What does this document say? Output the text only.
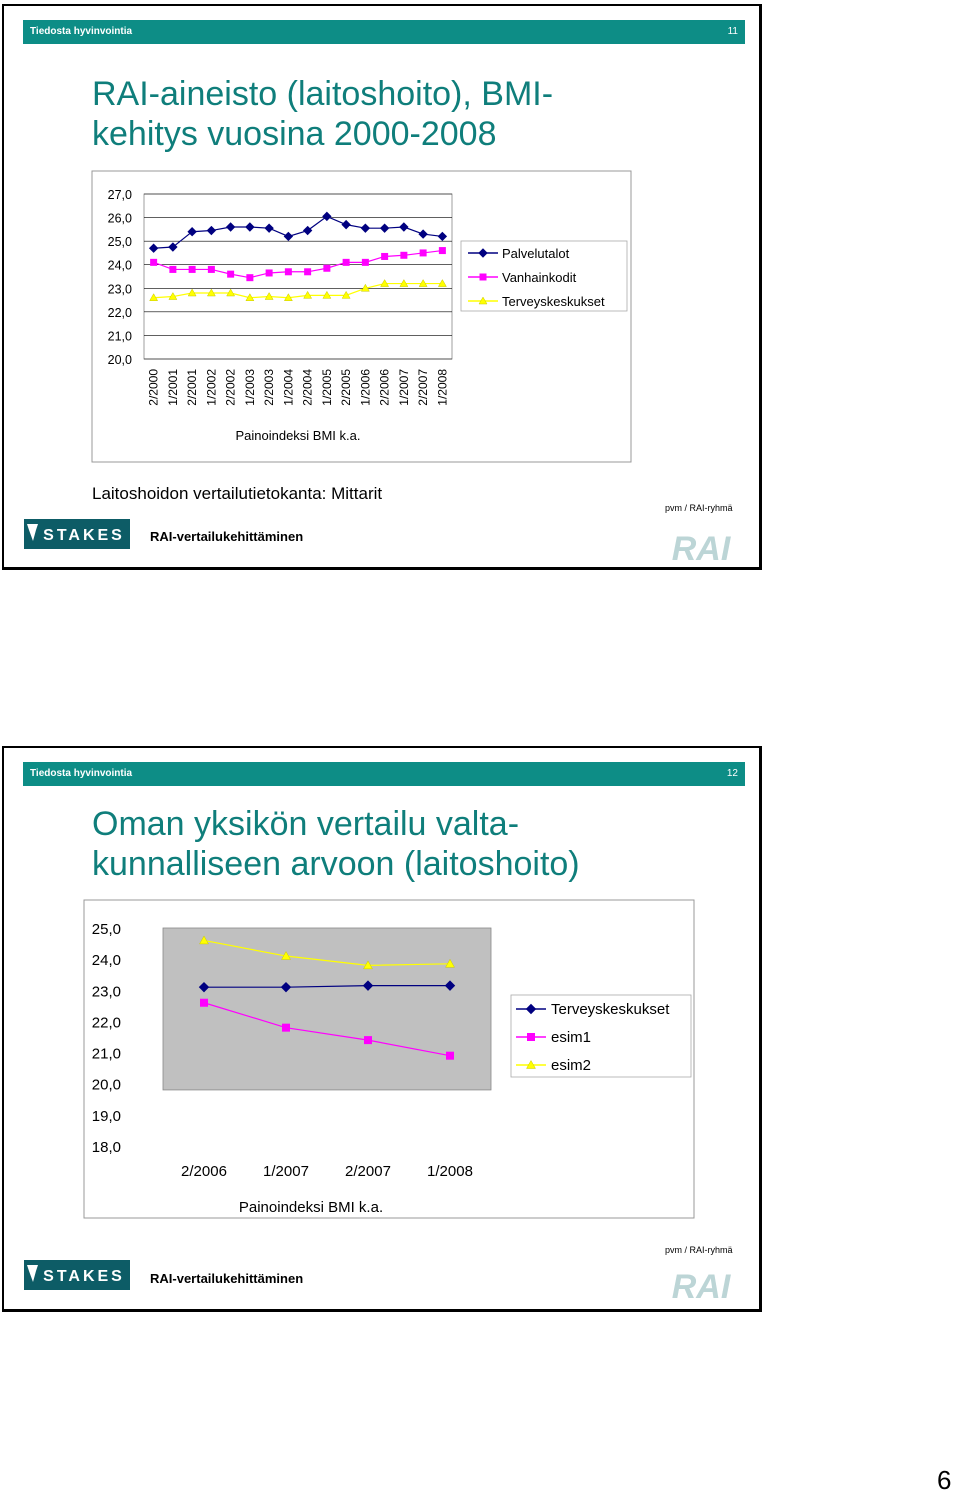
Tiedosta hyvinvointia	11
RAI-aineisto (laitoshoito), BMI-
kehitys vuosina 2000-2008
27,0
26,0
25,0
24,0
23,0
22,0
21,0
20,0
2/2000 1/2001 2/2001 1/2002 2/2002 1/2003 2/2003 1/2004 2/2004 1/2005 2/2005 1/2006 2/2006 1/2007 2/2007 1/2008
Painoindeksi BMI k.a.
Palvelutalot
Vanhainkodit
Terveyskeskukset
Laitoshoidon vertailutietokanta: Mittarit
STAKES RAI-vertailukehittäminen
pvm / RAI-ryhmä
RAI
Tiedosta hyvinvointia	12
Oman yksikön vertailu valta-
kunnalliseen arvoon (laitoshoito)
25,0
24,0
23,0
22,0
21,0
20,0
19,0
18,0
2/2006 1/2007 2/2007 1/2008
Painoindeksi BMI k.a.
Terveyskeskukset
esim1
esim2
STAKES RAI-vertailukehittäminen
pvm / RAI-ryhmä
RAI
6
